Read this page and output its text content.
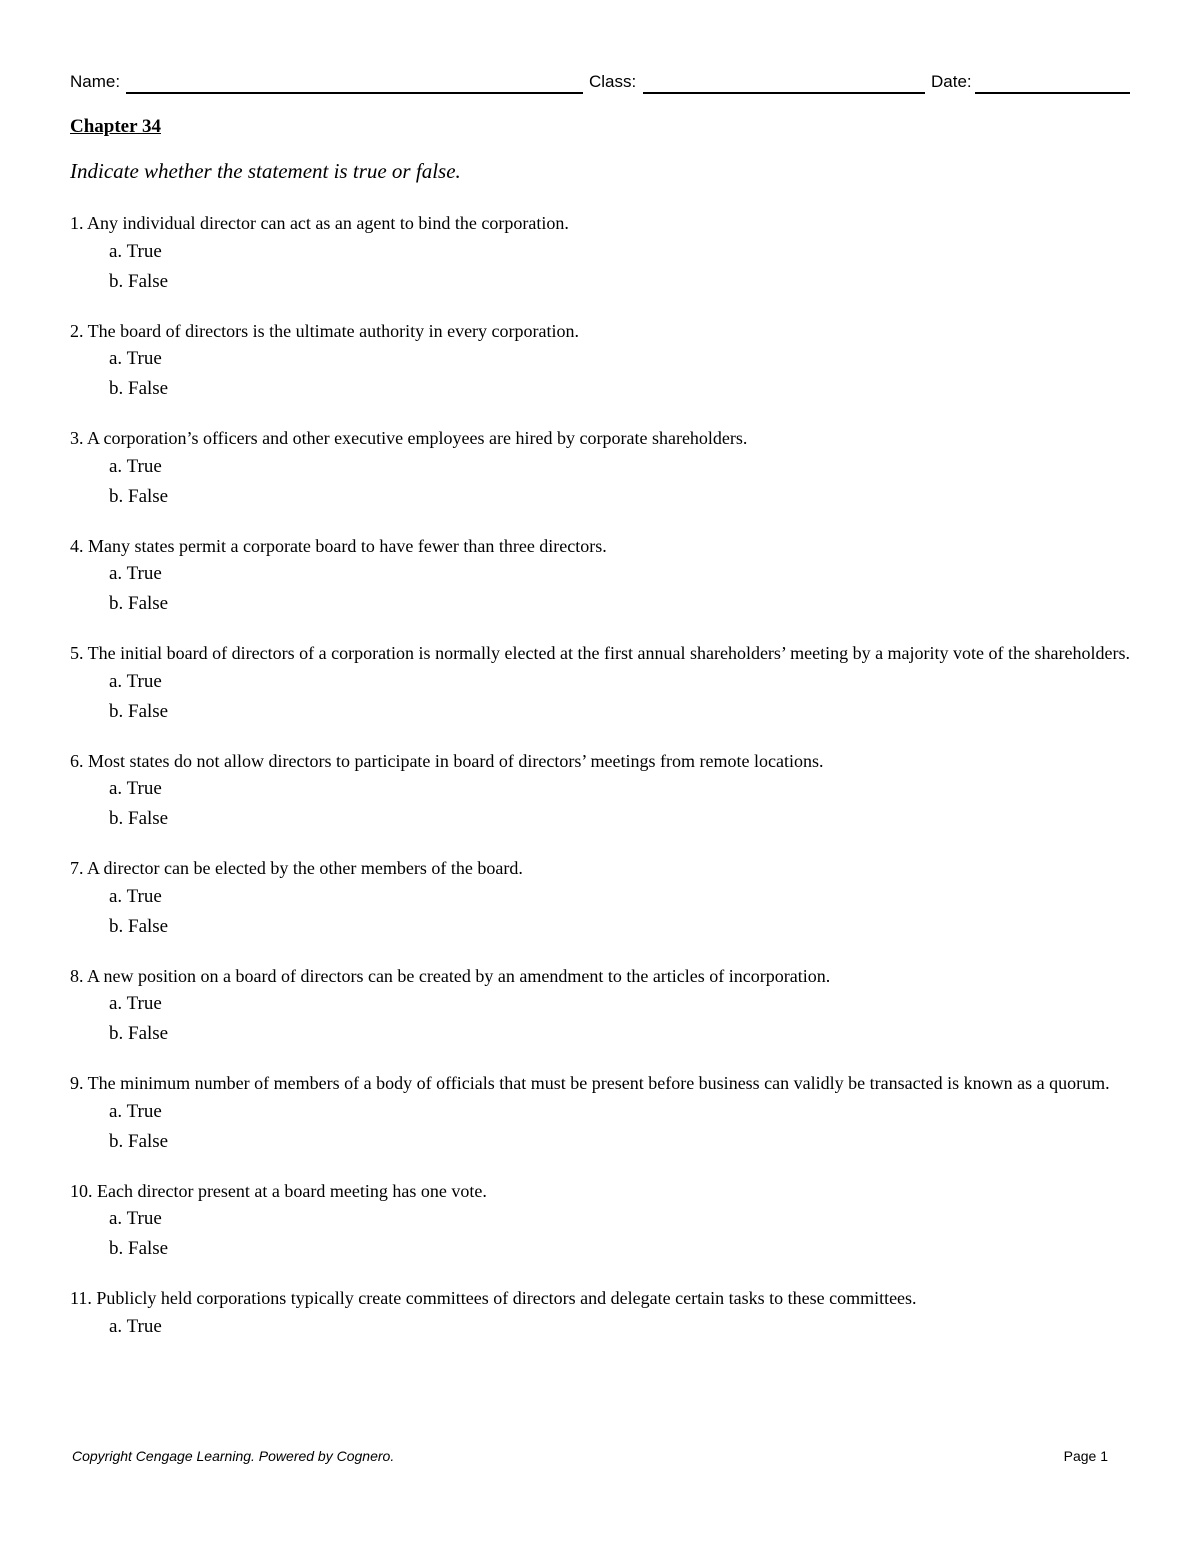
Name:	Class:	Date:
Chapter 34
Indicate whether the statement is true or false.
1. Any individual director can act as an agent to bind the corporation.
a. True
b. False
2. The board of directors is the ultimate authority in every corporation.
a. True
b. False
3. A corporation’s officers and other executive employees are hired by corporate shareholders.
a. True
b. False
4. Many states permit a corporate board to have fewer than three directors.
a. True
b. False
5. The initial board of directors of a corporation is normally elected at the first annual shareholders’ meeting by a majority vote of the shareholders.
a. True
b. False
6. Most states do not allow directors to participate in board of directors’ meetings from remote locations.
a. True
b. False
7. A director can be elected by the other members of the board.
a. True
b. False
8. A new position on a board of directors can be created by an amendment to the articles of incorporation.
a. True
b. False
9. The minimum number of members of a body of officials that must be present before business can validly be transacted is known as a quorum.
a. True
b. False
10. Each director present at a board meeting has one vote.
a. True
b. False
11. Publicly held corporations typically create committees of directors and delegate certain tasks to these committees.
a. True
Copyright Cengage Learning. Powered by Cognero.	Page 1
